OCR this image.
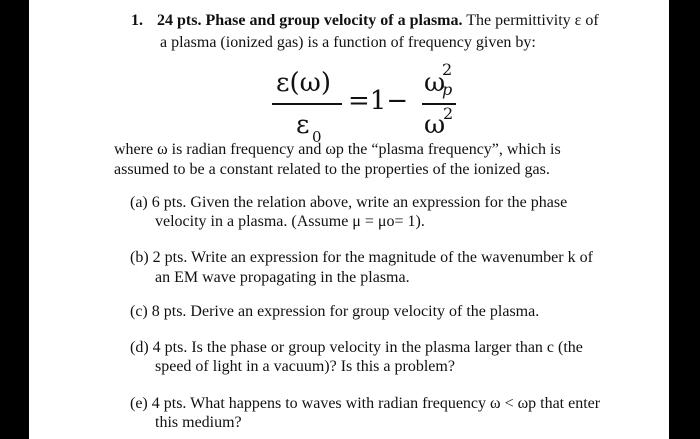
1. 24 pts. Phase and group velocity of a plasma. The permittivity ε of
a plasma (ionized gas) is a function of frequency given by:
ε(ω)
ε 0
=1−
ω
2
p
ω
2
where ω is radian frequency and ωp the “plasma frequency”, which is
assumed to be a constant related to the properties of the ionized gas.
(a) 6 pts. Given the relation above, write an expression for the phase
velocity in a plasma. (Assume μ = μo= 1).
(b) 2 pts. Write an expression for the magnitude of the wavenumber k of
an EM wave propagating in the plasma.
(c) 8 pts. Derive an expression for group velocity of the plasma.
(d) 4 pts. Is the phase or group velocity in the plasma larger than c (the
speed of light in a vacuum)? Is this a problem?
(e) 4 pts. What happens to waves with radian frequency ω < ωp that enter
this medium?
